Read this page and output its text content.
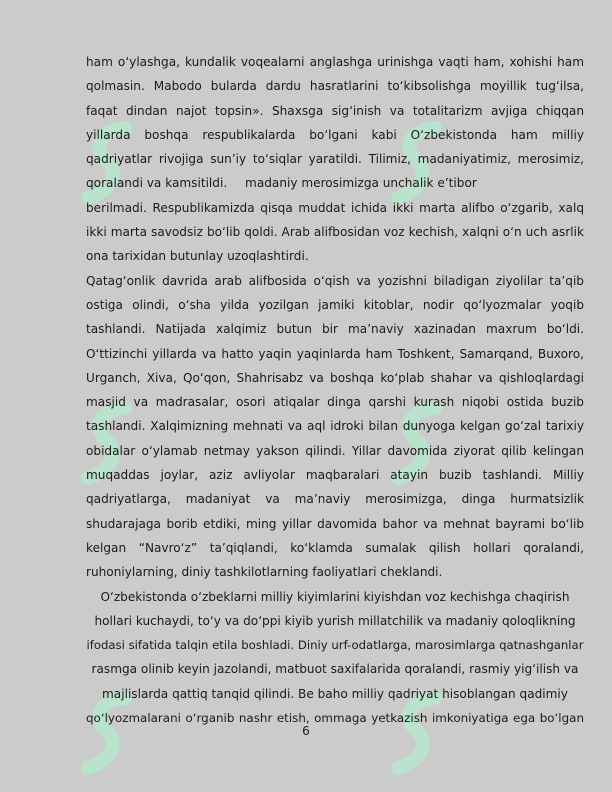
ham o‘ylashga, kundalik voqealarni anglashga urinishga vaqti ham, xohishi ham
qolmasin. Mabodo bularda dardu hasratlarini to‘kibsolishga moyillik tug‘ilsa,
faqat dindan najot topsin». Shaxsga sig‘inish va totalitarizm avjiga chiqqan
yillarda boshqa respublikalarda bo‘lgani kabi O‘zbekistonda ham milliy
qadriyatlar rivojiga sun’iy to‘siqlar yaratildi. Tilimiz, madaniyatimiz, merosimiz,
qoralandi va kamsitildi. madaniy merosimizga unchalik e’tibor
berilmadi. Respublikamizda qisqa muddat ichida ikki marta alifbo o‘zgarib, xalq
ikki marta savodsiz bo‘lib qoldi. Arab alifbosidan voz kechish, xalqni o‘n uch asrlik
ona tarixidan butunlay uzoqlashtirdi.
Qatag‘onlik davrida arab alifbosida o‘qish va yozishni biladigan ziyolilar ta’qib
ostiga olindi, o‘sha yilda yozilgan jamiki kitoblar, nodir qo‘lyozmalar yoqib
tashlandi. Natijada xalqimiz butun bir ma’naviy xazinadan maxrum bo‘ldi.
O‘ttizinchi yillarda va hatto yaqin yaqinlarda ham Toshkent, Samarqand, Buxoro,
Urganch, Xiva, Qo‘qon, Shahrisabz va boshqa ko‘plab shahar va qishloqlardagi
masjid va madrasalar, osori atiqalar dinga qarshi kurash niqobi ostida buzib
tashlandi. Xalqimizning mehnati va aql idroki bilan dunyoga kelgan go‘zal tarixiy
obidalar o‘ylamab netmay yakson qilindi. Yillar davomida ziyorat qilib kelingan
muqaddas joylar, aziz avliyolar maqbaralari atayin buzib tashlandi. Milliy
qadriyatlarga, madaniyat va ma’naviy merosimizga, dinga hurmatsizlik
shudarajaga borib etdiki, ming yillar davomida bahor va mehnat bayrami bo‘lib
kelgan “Navro‘z” ta’qiqlandi, ko‘klamda sumalak qilish hollari qoralandi,
ruhoniylarning, diniy tashkilotlarning faoliyatlari cheklandi.
O‘zbekistonda o‘zbeklarni milliy kiyimlarini kiyishdan voz kechishga chaqirish
hollari kuchaydi, to‘y va do‘ppi kiyib yurish millatchilik va madaniy qoloqlikning
ifodasi sifatida talqin etila boshladi. Diniy urf-odatlarga, marosimlarga qatnashganlar
rasmga olinib keyin jazolandi, matbuot saxifalarida qoralandi, rasmiy yig‘ilish va
majlislarda qattiq tanqid qilindi. Be baho milliy qadriyat hisoblangan qadimiy
qo‘lyozmalarani o‘rganib nashr etish, ommaga yetkazish imkoniyatiga ega bo‘lgan
6
